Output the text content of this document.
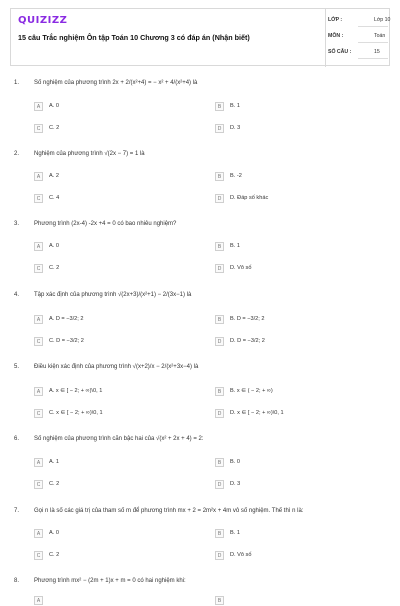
QUIZIZZ
15 câu Trắc nghiệm Ôn tập Toán 10 Chương 3 có đáp án (Nhận biết)
LỚP :	Lớp 10
MÔN :	Toán
SỐ CÂU :	15
1. Số nghiệm của phương trình 2x + 2/(x²+4) = − x² + 4/(x²+4) là
A	A. 0	B	B. 1
C	C. 2	D	D. 3
2. Nghiệm của phương trình √(2x − 7) = 1 là
A	A. 2	B	B. -2
C	C. 4	D	D. Đáp số khác
3. Phương trình (2x-4) -2x +4 = 0 có bao nhiêu nghiệm?
A	A. 0	B	B. 1
C	C. 2	D	D. Vô số
4. Tập xác định của phương trình √(2x+3)/(x²+1) − 2/(3x−1) là
A	A. D = −3/2; 2	B	B. D = −3/2; 2
C	C. D = −3/2; 2	D	D. D = −3/2; 2
5. Điều kiện xác định của phương trình √(x+2)/x − 2/(x²+3x−4) là
A	A. x ∈ [ − 2; + ∞)\0, 1	B	B. x ∈ ( − 2; + ∞)
C	C. x ∈ [ − 2; + ∞)\0, 1	D	D. x ∈ [ − 2; + ∞)\0, 1
6. Số nghiệm của phương trình căn bậc hai của √(x² + 2x + 4) = 2:
A	A. 1	B	B. 0
C	C. 2	D	D. 3
7. Gọi n là số các giá trị của tham số m để phương trình mx + 2 = 2m²x + 4m vô số nghiệm. Thế thì n là:
A	A. 0	B	B. 1
C	C. 2	D	D. Vô số
8. Phương trình mx² − (2m + 1)x + m = 0 có hai nghiệm khi:
A	B
